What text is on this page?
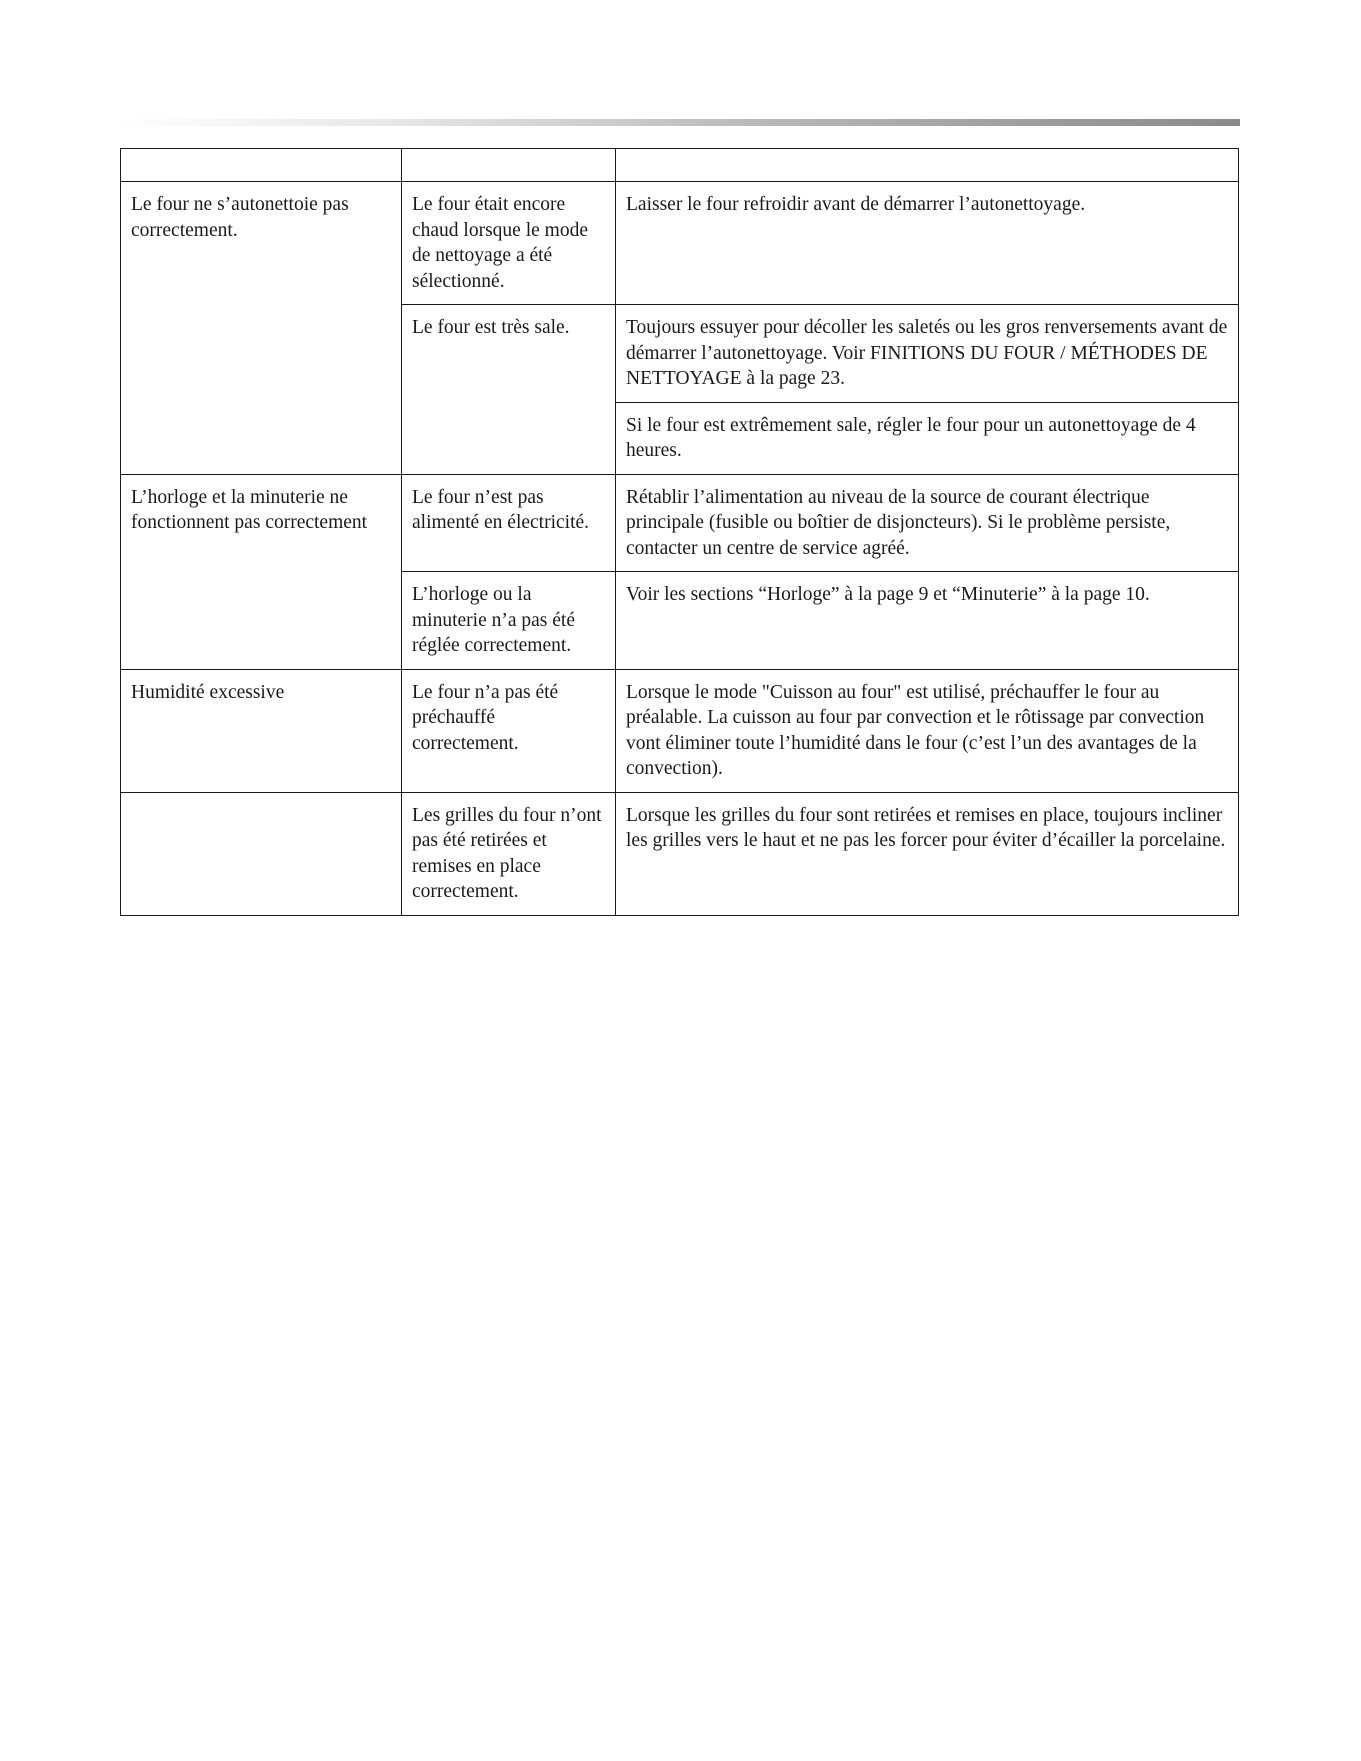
Le four ne s’autonettoie pas correctement.	Le four était encore chaud lorsque le mode de nettoyage a été sélectionné.	Laisser le four refroidir avant de démarrer l’autonettoyage.
	Le four est très sale.	Toujours essuyer pour décoller les saletés ou les gros renversements avant de démarrer l’autonettoyage. Voir FINITIONS DU FOUR / MÉTHODES DE NETTOYAGE à la page 23.
		Si le four est extrêmement sale, régler le four pour un autonettoyage de 4 heures.
L’horloge et la minuterie ne fonctionnent pas correctement	Le four n’est pas alimenté en électricité.	Rétablir l’alimentation au niveau de la source de courant électrique principale (fusible ou boîtier de disjoncteurs). Si le problème persiste, contacter un centre de service agréé.
	L’horloge ou la minuterie n’a pas été réglée correctement.	Voir les sections “Horloge” à la page 9 et “Minuterie” à la page 10.
Humidité excessive	Le four n’a pas été préchauffé correctement.	Lorsque le mode "Cuisson au four" est utilisé, préchauffer le four au préalable. La cuisson au four par convection et le rôtissage par convection vont éliminer toute l’humidité dans le four (c’est l’un des avantages de la convection).
	Les grilles du four n’ont pas été retirées et remises en place correctement.	Lorsque les grilles du four sont retirées et remises en place, toujours incliner les grilles vers le haut et ne pas les forcer pour éviter d’écailler la porcelaine.
